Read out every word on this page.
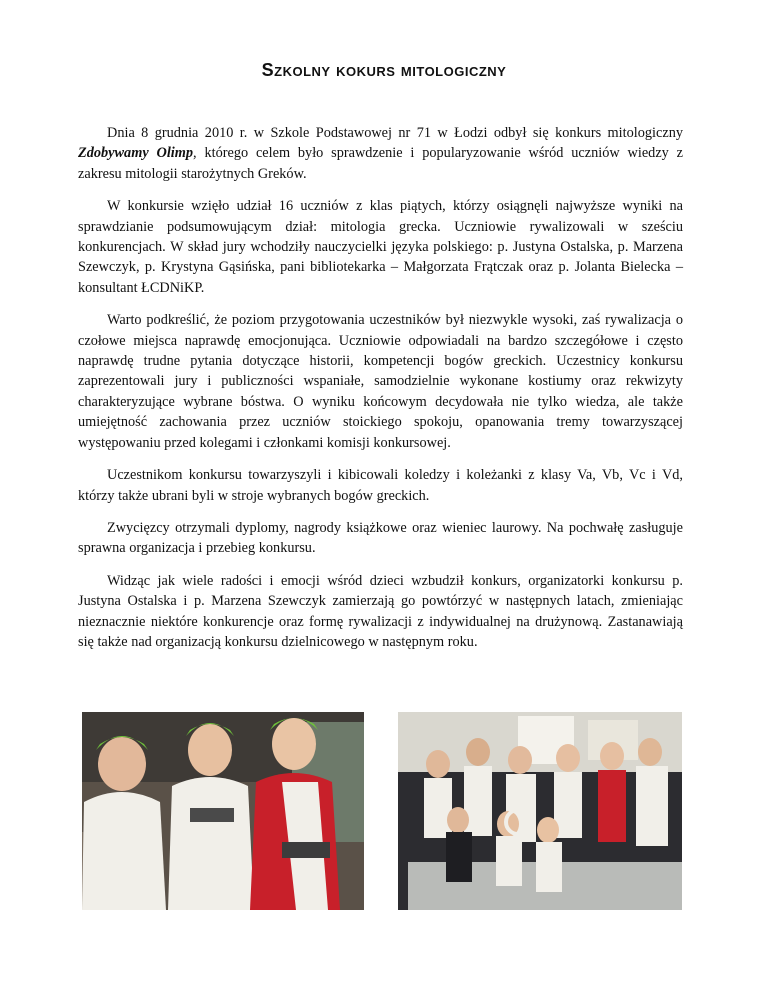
Szkolny kokurs mitologiczny

Dnia 8 grudnia 2010 r. w Szkole Podstawowej nr 71 w Łodzi odbył się konkurs mitologiczny Zdobywamy Olimp, którego celem było sprawdzenie i popularyzowanie wśród uczniów wiedzy z zakresu mitologii starożytnych Greków.

W konkursie wzięło udział 16 uczniów z klas piątych, którzy osiągnęli najwyższe wyniki na sprawdzianie podsumowującym dział: mitologia grecka. Uczniowie rywalizowali w sześciu konkurencjach. W skład jury wchodziły nauczycielki języka polskiego: p. Justyna Ostalska, p. Marzena Szewczyk, p. Krystyna Gąsińska, pani bibliotekarka – Małgorzata Frątczak oraz p. Jolanta Bielecka – konsultant ŁCDNiKP.

Warto podkreślić, że poziom przygotowania uczestników był niezwykle wysoki, zaś rywalizacja o czołowe miejsca naprawdę emocjonująca. Uczniowie odpowiadali na bardzo szczegółowe i często naprawdę trudne pytania dotyczące historii, kompetencji bogów greckich. Uczestnicy konkursu zaprezentowali jury i publiczności wspaniałe, samodzielnie wykonane kostiumy oraz rekwizyty charakteryzujące wybrane bóstwa. O wyniku końcowym decydowała nie tylko wiedza, ale także umiejętność zachowania przez uczniów stoickiego spokoju, opanowania tremy towarzyszącej występowaniu przed kolegami i członkami komisji konkursowej.

Uczestnikom konkursu towarzyszyli i kibicowali koledzy i koleżanki z klasy Va, Vb, Vc i Vd, którzy także ubrani byli w stroje wybranych bogów greckich.

Zwycięzcy otrzymali dyplomy, nagrody książkowe oraz wieniec laurowy. Na pochwałę zasługuje sprawna organizacja i przebieg konkursu.

Widząc jak wiele radości i emocji wśród dzieci wzbudził konkurs, organizatorki konkursu p. Justyna Ostalska i p. Marzena Szewczyk zamierzają go powtórzyć w następnych latach, zmieniając nieznacznie niektóre konkurencje oraz formę rywalizacji z indywidualnej na drużynową. Zastanawiają się także nad organizacją konkursu dzielnicowego w następnym roku.
